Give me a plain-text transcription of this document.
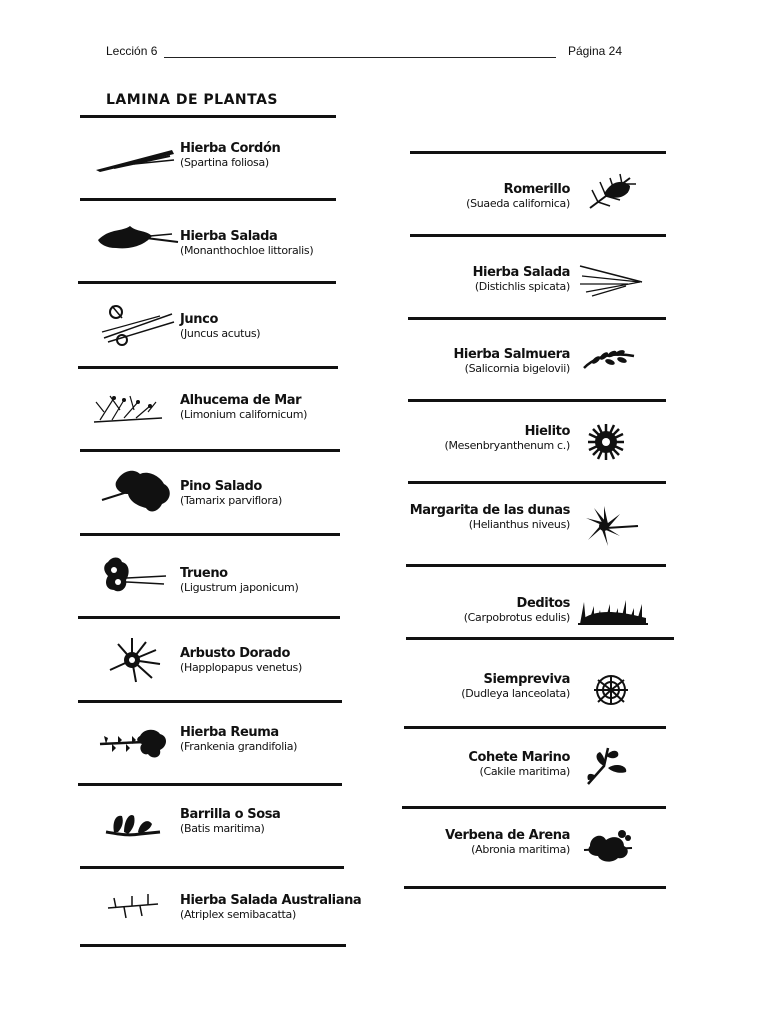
Lección 6	Página 24
LAMINA DE PLANTAS
Hierba Cordón
(Spartina foliosa)
Hierba Salada
(Monanthochloe littoralis)
Junco
(Juncus acutus)
Alhucema de Mar
(Limonium californicum)
Pino Salado
(Tamarix parviflora)
Trueno
(Ligustrum japonicum)
Arbusto Dorado
(Happlopapus venetus)
Hierba Reuma
(Frankenia grandifolia)
Barrilla o Sosa
(Batis maritima)
Hierba Salada Australiana
(Atriplex semibacatta)
Romerillo
(Suaeda californica)
Hierba Salada
(Distichlis spicata)
Hierba Salmuera
(Salicornia bigelovii)
Hielito
(Mesenbryanthenum c.)
Margarita de las dunas
(Helianthus niveus)
Deditos
(Carpobrotus edulis)
Siempreviva
(Dudleya lanceolata)
Cohete Marino
(Cakile maritima)
Verbena de Arena
(Abronia maritima)
